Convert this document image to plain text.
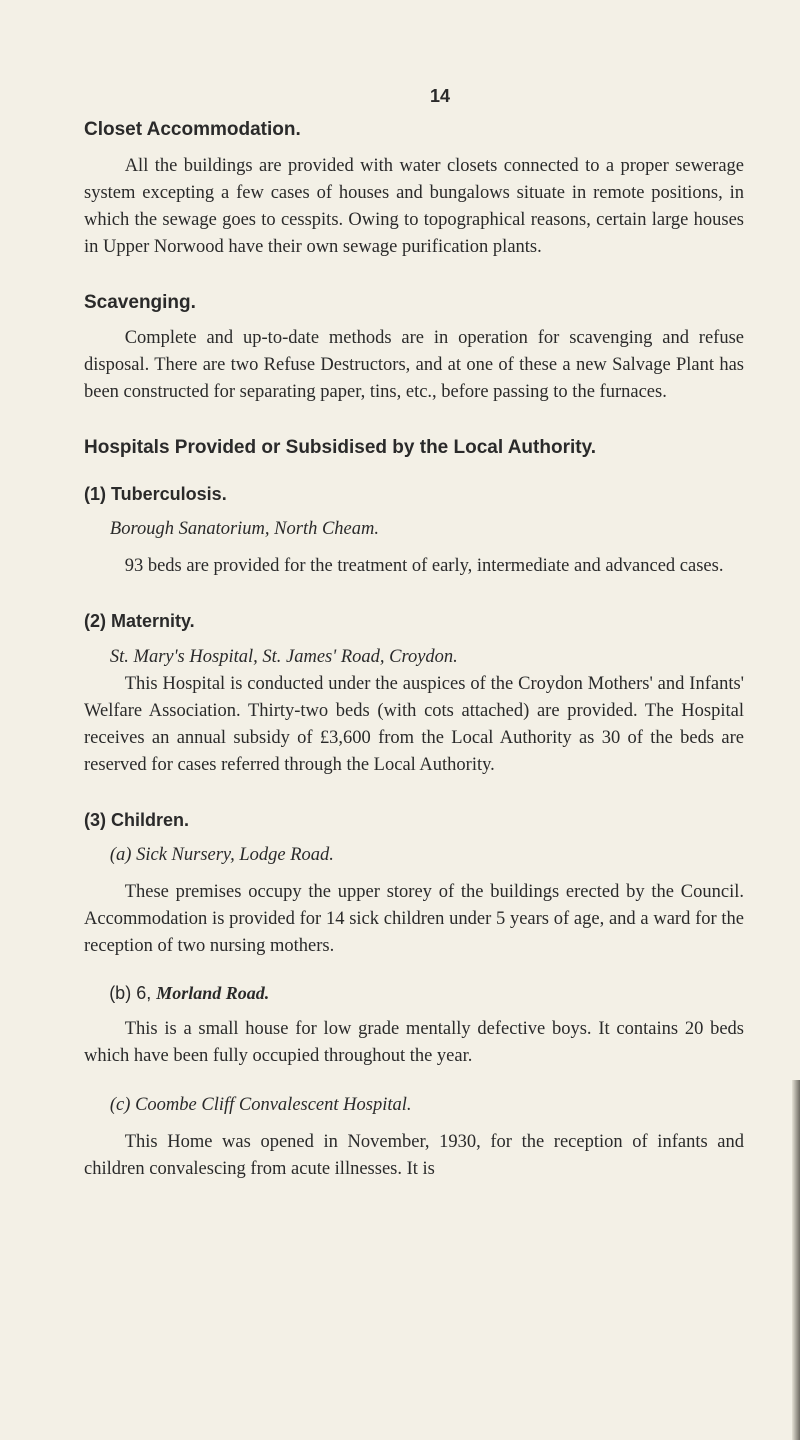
14
Closet Accommodation.

All the buildings are provided with water closets connected to a proper sewerage system excepting a few cases of houses and bungalows situate in remote positions, in which the sewage goes to cesspits. Owing to topographical reasons, certain large houses in Upper Norwood have their own sewage purification plants.

Scavenging.

Complete and up-to-date methods are in operation for scavenging and refuse disposal. There are two Refuse Destructors, and at one of these a new Salvage Plant has been constructed for separating paper, tins, etc., before passing to the furnaces.

Hospitals Provided or Subsidised by the Local Authority.
(1) Tuberculosis.

Borough Sanatorium, North Cheam.

93 beds are provided for the treatment of early, intermediate and advanced cases.

(2) Maternity.

St. Mary's Hospital, St. James' Road, Croydon.

This Hospital is conducted under the auspices of the Croydon Mothers' and Infants' Welfare Association. Thirty-two beds (with cots attached) are provided. The Hospital receives an annual subsidy of £3,600 from the Local Authority as 30 of the beds are reserved for cases referred through the Local Authority.

(3) Children.

(a) Sick Nursery, Lodge Road.

These premises occupy the upper storey of the buildings erected by the Council. Accommodation is provided for 14 sick children under 5 years of age, and a ward for the reception of two nursing mothers.

(b) 6, Morland Road.

This is a small house for low grade mentally defective boys. It contains 20 beds which have been fully occupied throughout the year.

(c) Coombe Cliff Convalescent Hospital.

This Home was opened in November, 1930, for the reception of infants and children convalescing from acute illnesses. It is
